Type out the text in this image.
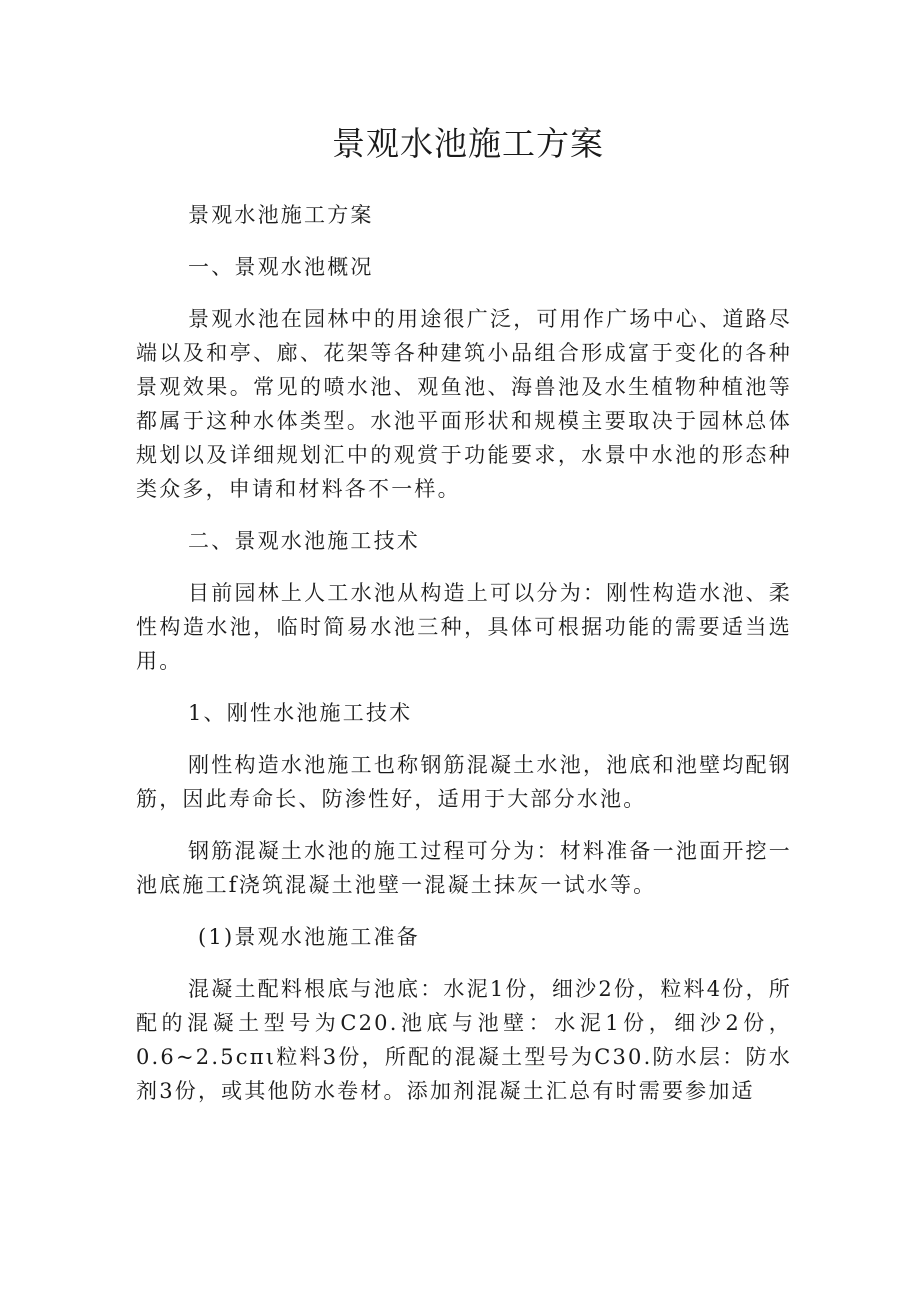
景观水池施工方案

景观水池施工方案

一、景观水池概况

景观水池在园林中的用途很广泛，可用作广场中心、道路尽端以及和亭、廊、花架等各种建筑小品组合形成富于变化的各种景观效果。常见的喷水池、观鱼池、海兽池及水生植物种植池等都属于这种水体类型。水池平面形状和规模主要取决于园林总体规划以及详细规划汇中的观赏于功能要求，水景中水池的形态种类众多，申请和材料各不一样。

二、景观水池施工技术

目前园林上人工水池从构造上可以分为：刚性构造水池、柔性构造水池，临时简易水池三种，具体可根据功能的需要适当选用。

1、刚性水池施工技术

刚性构造水池施工也称钢筋混凝土水池，池底和池壁均配钢筋，因此寿命长、防渗性好，适用于大部分水池。

钢筋混凝土水池的施工过程可分为：材料准备一池面开挖一池底施工f浇筑混凝土池壁一混凝土抹灰一试水等。

(1)景观水池施工准备

混凝土配料根底与池底：水泥1份，细沙2份，粒料4份，所配的混凝土型号为C20.池底与池壁：水泥1份，细沙2份，0.6~2.5cπι粒料3份，所配的混凝土型号为C30.防水层：防水剂3份，或其他防水卷材。添加剂混凝土汇总有时需要参加适
